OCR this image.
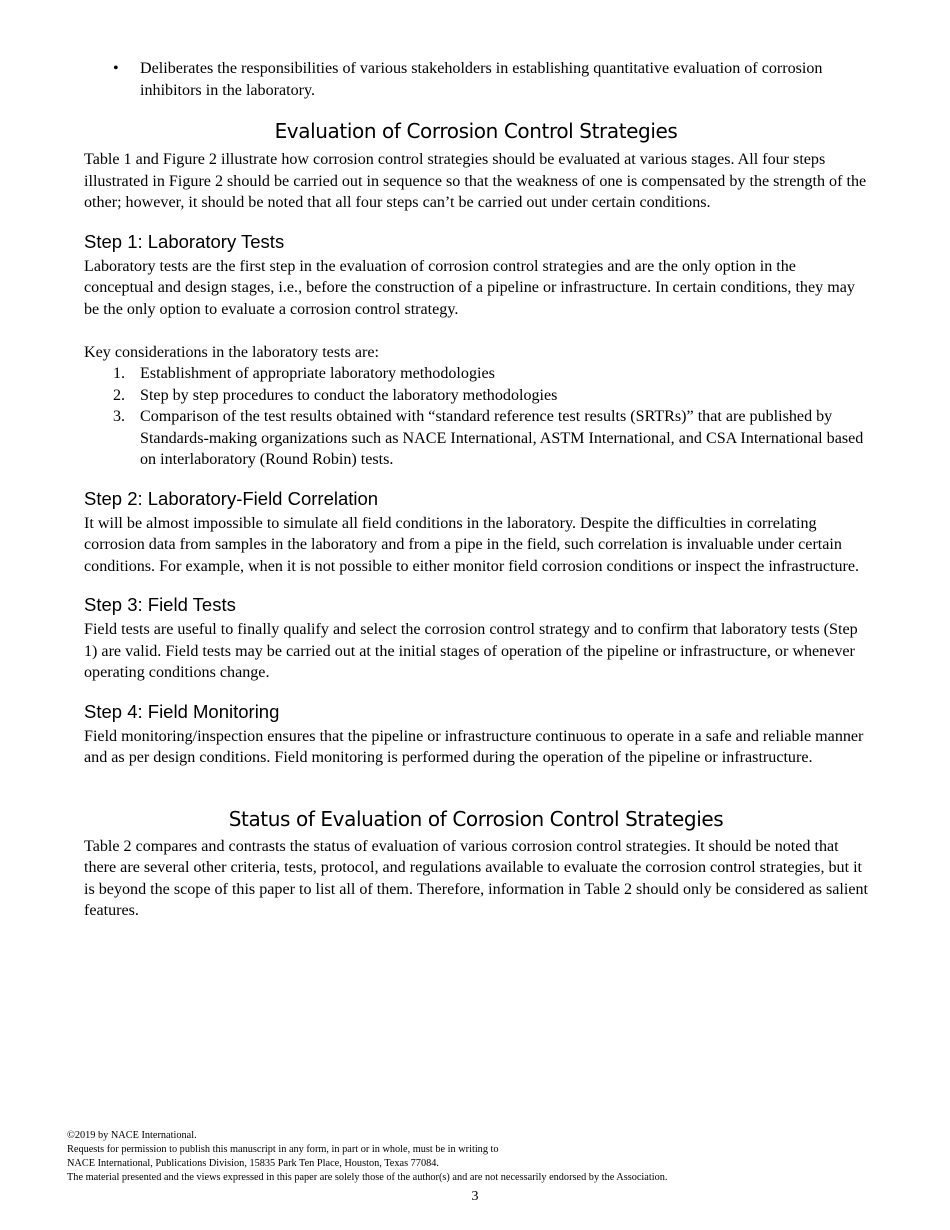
•	Deliberates the responsibilities of various stakeholders in establishing quantitative evaluation of corrosion inhibitors in the laboratory.
Evaluation of Corrosion Control Strategies

Table 1 and Figure 2 illustrate how corrosion control strategies should be evaluated at various stages. All four steps illustrated in Figure 2 should be carried out in sequence so that the weakness of one is compensated by the strength of the other; however, it should be noted that all four steps can’t be carried out under certain conditions.

Step 1: Laboratory Tests

Laboratory tests are the first step in the evaluation of corrosion control strategies and are the only option in the conceptual and design stages, i.e., before the construction of a pipeline or infrastructure. In certain conditions, they may be the only option to evaluate a corrosion control strategy.

Key considerations in the laboratory tests are:

1. Establishment of appropriate laboratory methodologies
2. Step by step procedures to conduct the laboratory methodologies
3. Comparison of the test results obtained with “standard reference test results (SRTRs)” that are published by Standards-making organizations such as NACE International, ASTM International, and CSA International based on interlaboratory (Round Robin) tests.
Step 2: Laboratory-Field Correlation

It will be almost impossible to simulate all field conditions in the laboratory. Despite the difficulties in correlating corrosion data from samples in the laboratory and from a pipe in the field, such correlation is invaluable under certain conditions. For example, when it is not possible to either monitor field corrosion conditions or inspect the infrastructure.

Step 3: Field Tests

Field tests are useful to finally qualify and select the corrosion control strategy and to confirm that laboratory tests (Step 1) are valid. Field tests may be carried out at the initial stages of operation of the pipeline or infrastructure, or whenever operating conditions change.

Step 4: Field Monitoring

Field monitoring/inspection ensures that the pipeline or infrastructure continuous to operate in a safe and reliable manner and as per design conditions. Field monitoring is performed during the operation of the pipeline or infrastructure.

Status of Evaluation of Corrosion Control Strategies

Table 2 compares and contrasts the status of evaluation of various corrosion control strategies. It should be noted that there are several other criteria, tests, protocol, and regulations available to evaluate the corrosion control strategies, but it is beyond the scope of this paper to list all of them. Therefore, information in Table 2 should only be considered as salient features.

©2019 by NACE International.
Requests for permission to publish this manuscript in any form, in part or in whole, must be in writing to
NACE International, Publications Division, 15835 Park Ten Place, Houston, Texas 77084.
The material presented and the views expressed in this paper are solely those of the author(s) and are not necessarily endorsed by the Association.
3
